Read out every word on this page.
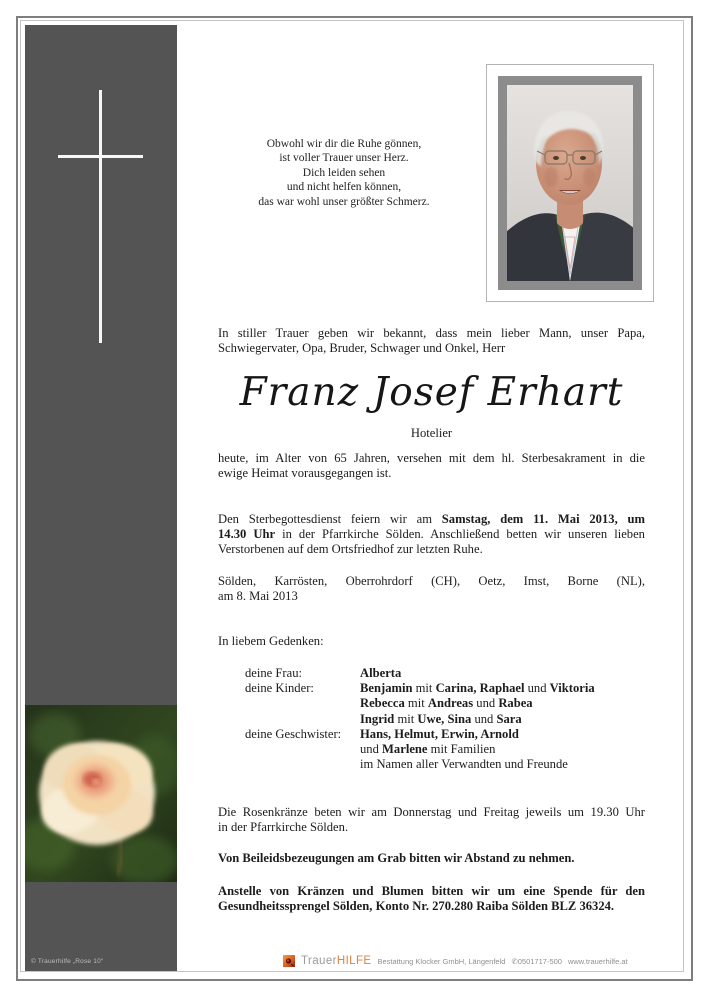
© Trauerhilfe „Rose 10“
Obwohl wir dir die Ruhe gönnen,
ist voller Trauer unser Herz.
Dich leiden sehen
und nicht helfen können,
das war wohl unser größter Schmerz.
In stiller Trauer geben wir bekannt, dass mein lieber Mann, unser Papa,
Schwiegervater, Opa, Bruder, Schwager und Onkel, Herr
Franz Josef Erhart
Hotelier
heute, im Alter von 65 Jahren, versehen mit dem hl. Sterbesakrament in die
ewige Heimat vorausgegangen ist.
Den Sterbegottesdienst feiern wir am Samstag, dem 11. Mai 2013, um
14.30 Uhr in der Pfarrkirche Sölden. Anschließend betten wir unseren lieben
Verstorbenen auf dem Ortsfriedhof zur letzten Ruhe.
Sölden, Karrösten, Oberrohrdorf (CH), Oetz, Imst, Borne (NL),
am 8. Mai 2013
In liebem Gedenken:
deine Frau:	Alberta
deine Kinder:	Benjamin mit Carina, Raphael und Viktoria
Rebecca mit Andreas und Rabea
Ingrid mit Uwe, Sina und Sara
deine Geschwister:	Hans, Helmut, Erwin, Arnold
und Marlene mit Familien
im Namen aller Verwandten und Freunde
Die Rosenkränze beten wir am Donnerstag und Freitag jeweils um 19.30 Uhr
in der Pfarrkirche Sölden.
Von Beileidsbezeugungen am Grab bitten wir Abstand zu nehmen.
Anstelle von Kränzen und Blumen bitten wir um eine Spende für den
Gesundheitssprengel Sölden, Konto Nr. 270.280 Raiba Sölden BLZ 36324.
TrauerHILFE Bestattung Klocker GmbH, Längenfeld ✆0501717-500 www.trauerhilfe.at
